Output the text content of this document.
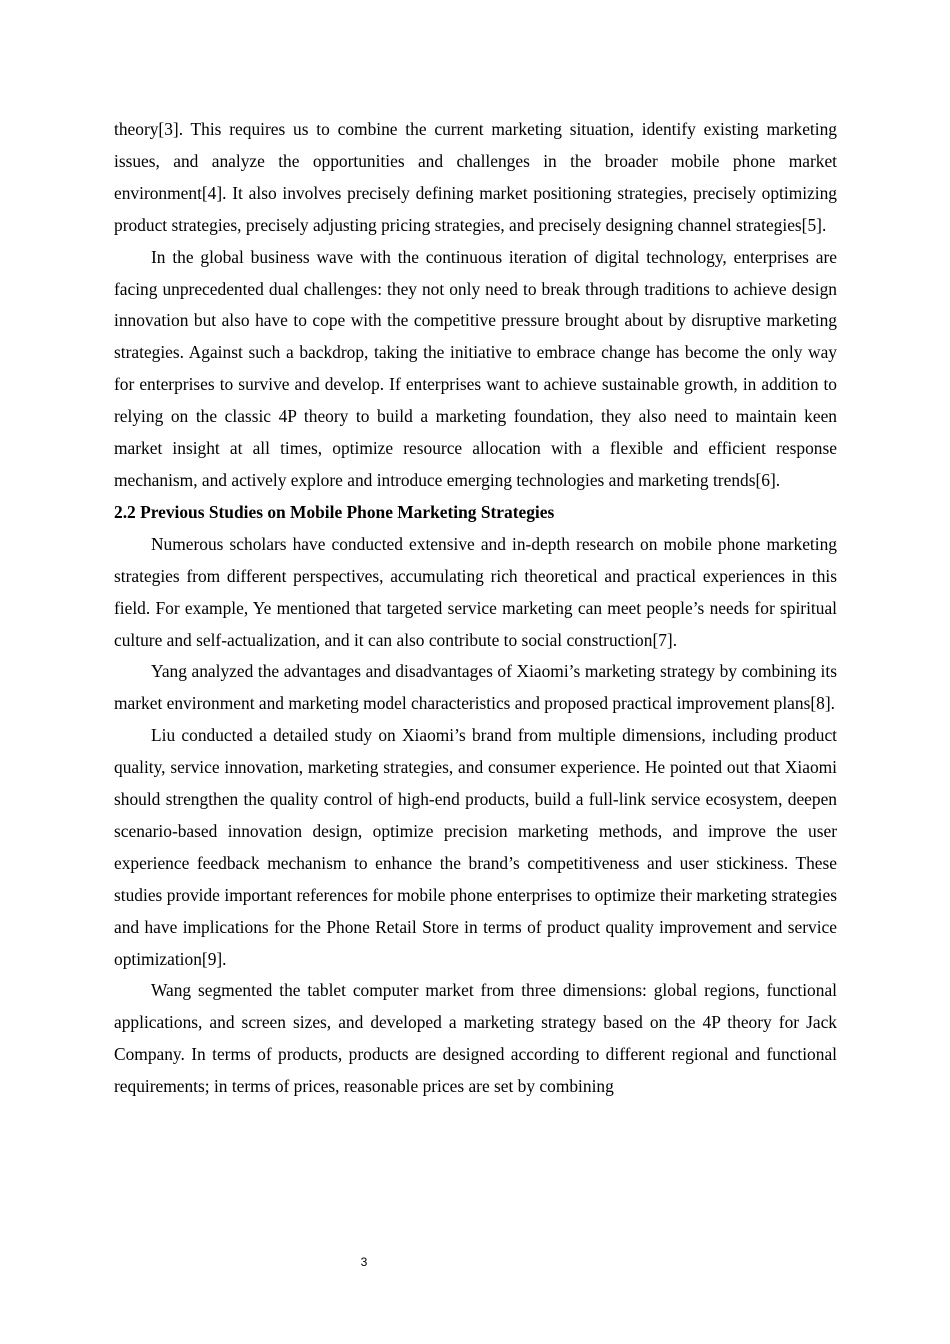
theory[3]. This requires us to combine the current marketing situation, identify existing marketing issues, and analyze the opportunities and challenges in the broader mobile phone market environment[4]. It also involves precisely defining market positioning strategies, precisely optimizing product strategies, precisely adjusting pricing strategies, and precisely designing channel strategies[5].

In the global business wave with the continuous iteration of digital technology, enterprises are facing unprecedented dual challenges: they not only need to break through traditions to achieve design innovation but also have to cope with the competitive pressure brought about by disruptive marketing strategies. Against such a backdrop, taking the initiative to embrace change has become the only way for enterprises to survive and develop. If enterprises want to achieve sustainable growth, in addition to relying on the classic 4P theory to build a marketing foundation, they also need to maintain keen market insight at all times, optimize resource allocation with a flexible and efficient response mechanism, and actively explore and introduce emerging technologies and marketing trends[6].

2.2 Previous Studies on Mobile Phone Marketing Strategies

Numerous scholars have conducted extensive and in-depth research on mobile phone marketing strategies from different perspectives, accumulating rich theoretical and practical experiences in this field. For example, Ye mentioned that targeted service marketing can meet people’s needs for spiritual culture and self-actualization, and it can also contribute to social construction[7].

Yang analyzed the advantages and disadvantages of Xiaomi’s marketing strategy by combining its market environment and marketing model characteristics and proposed practical improvement plans[8].

Liu conducted a detailed study on Xiaomi’s brand from multiple dimensions, including product quality, service innovation, marketing strategies, and consumer experience. He pointed out that Xiaomi should strengthen the quality control of high-end products, build a full-link service ecosystem, deepen scenario-based innovation design, optimize precision marketing methods, and improve the user experience feedback mechanism to enhance the brand’s competitiveness and user stickiness. These studies provide important references for mobile phone enterprises to optimize their marketing strategies and have implications for the Phone Retail Store in terms of product quality improvement and service optimization[9].

Wang segmented the tablet computer market from three dimensions: global regions, functional applications, and screen sizes, and developed a marketing strategy based on the 4P theory for Jack Company. In terms of products, products are designed according to different regional and functional requirements; in terms of prices, reasonable prices are set by combining

3
